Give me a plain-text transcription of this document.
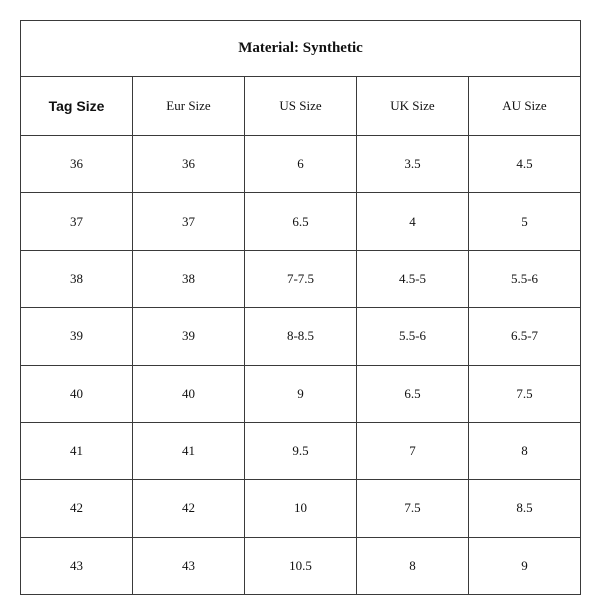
Material: Synthetic				
Tag Size	Eur Size	US Size	UK Size	AU Size
36	36	6	3.5	4.5
37	37	6.5	4	5
38	38	7-7.5	4.5-5	5.5-6
39	39	8-8.5	5.5-6	6.5-7
40	40	9	6.5	7.5
41	41	9.5	7	8
42	42	10	7.5	8.5
43	43	10.5	8	9
